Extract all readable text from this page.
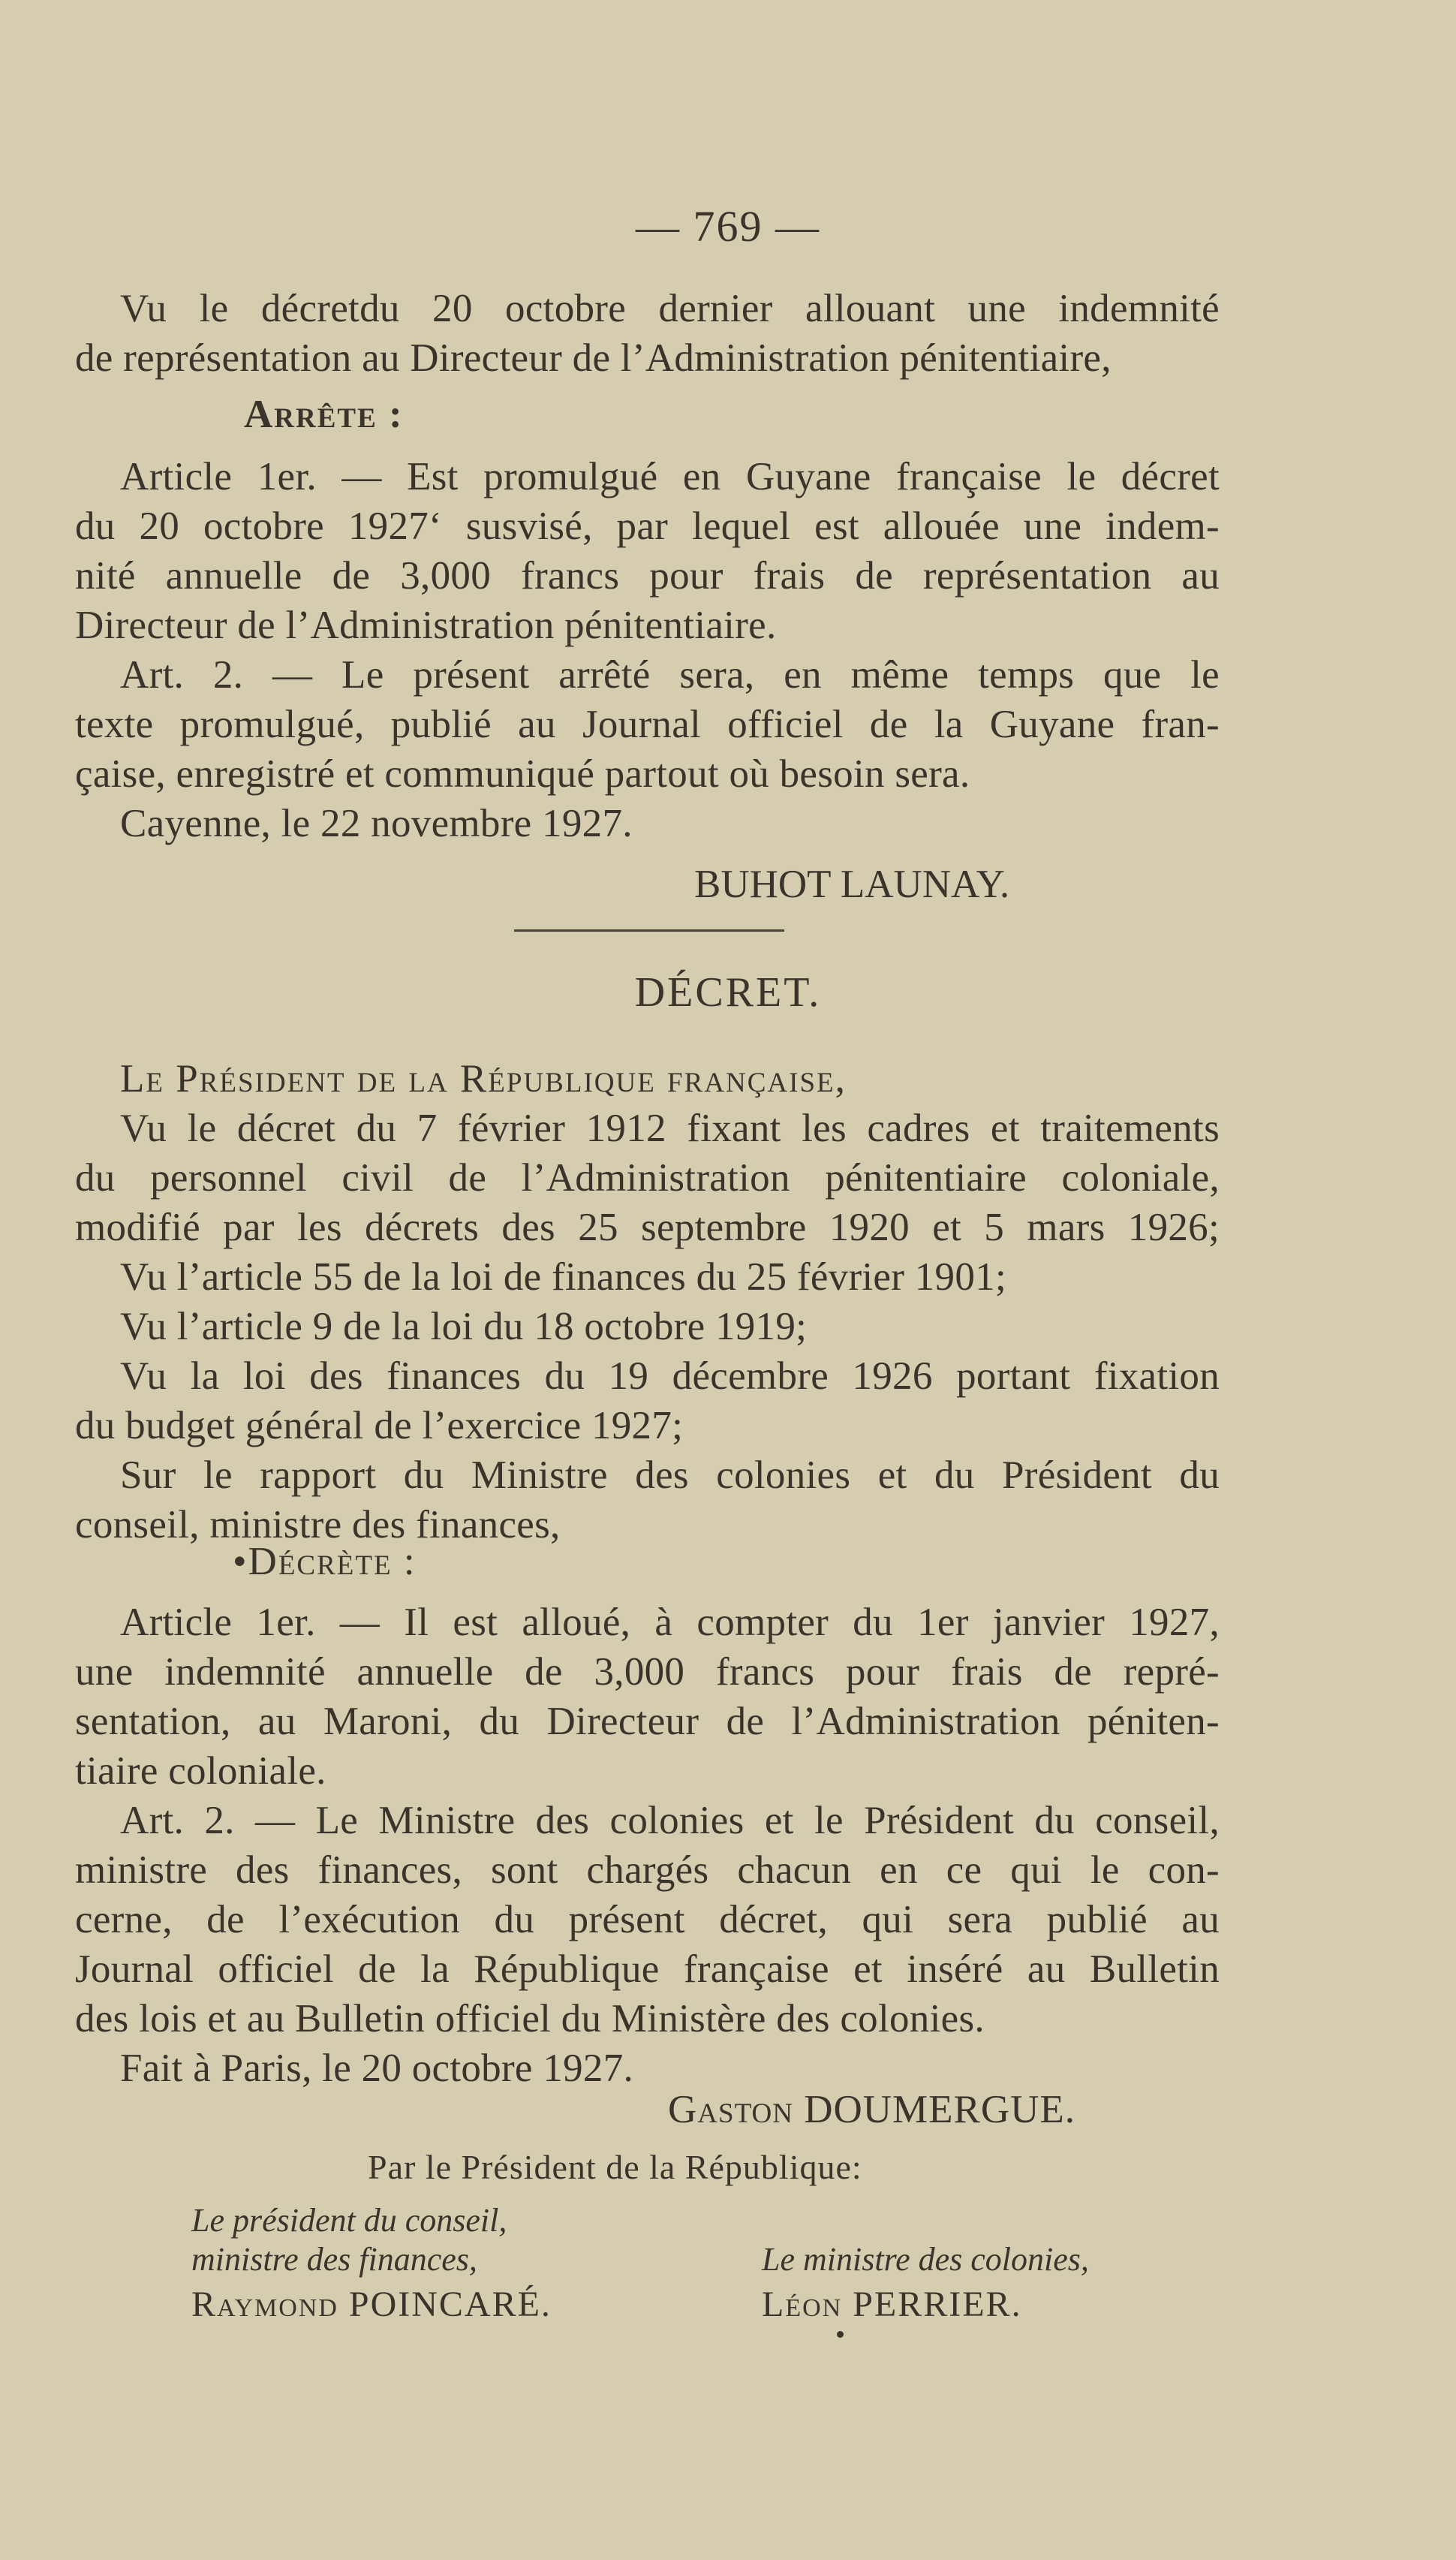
— 769 —
Vu le décretdu 20 octobre dernier allouant une indemnité
de représentation au Directeur de l’Administration pénitentiaire,
Arrête :
Article 1er. — Est promulgué en Guyane française le décret
du 20 octobre 1927‘ susvisé, par lequel est allouée une indem-
nité annuelle de 3,000 francs pour frais de représentation au
Directeur de l’Administration pénitentiaire.
Art. 2. — Le présent arrêté sera, en même temps que le
texte promulgué, publié au Journal officiel de la Guyane fran-
çaise, enregistré et communiqué partout où besoin sera.
Cayenne, le 22 novembre 1927.
BUHOT LAUNAY.
DÉCRET.
Le Président de la République française,
Vu le décret du 7 février 1912 fixant les cadres et traitements
du personnel civil de l’Administration pénitentiaire coloniale,
modifié par les décrets des 25 septembre 1920 et 5 mars 1926;
Vu l’article 55 de la loi de finances du 25 février 1901;
Vu l’article 9 de la loi du 18 octobre 1919;
Vu la loi des finances du 19 décembre 1926 portant fixation
du budget général de l’exercice 1927;
Sur le rapport du Ministre des colonies et du Président du
conseil, ministre des finances,
•Décrète :
Article 1er. — Il est alloué, à compter du 1er janvier 1927,
une indemnité annuelle de 3,000 francs pour frais de repré-
sentation, au Maroni, du Directeur de l’Administration péniten-
tiaire coloniale.
Art. 2. — Le Ministre des colonies et le Président du conseil,
ministre des finances, sont chargés chacun en ce qui le con-
cerne, de l’exécution du présent décret, qui sera publié au
Journal officiel de la République française et inséré au Bulletin
des lois et au Bulletin officiel du Ministère des colonies.
Fait à Paris, le 20 octobre 1927.
Gaston DOUMERGUE.
Par le Président de la République:
Le président du conseil,
ministre des finances,
Raymond POINCARÉ.
Le ministre des colonies,
Léon PERRIER.
